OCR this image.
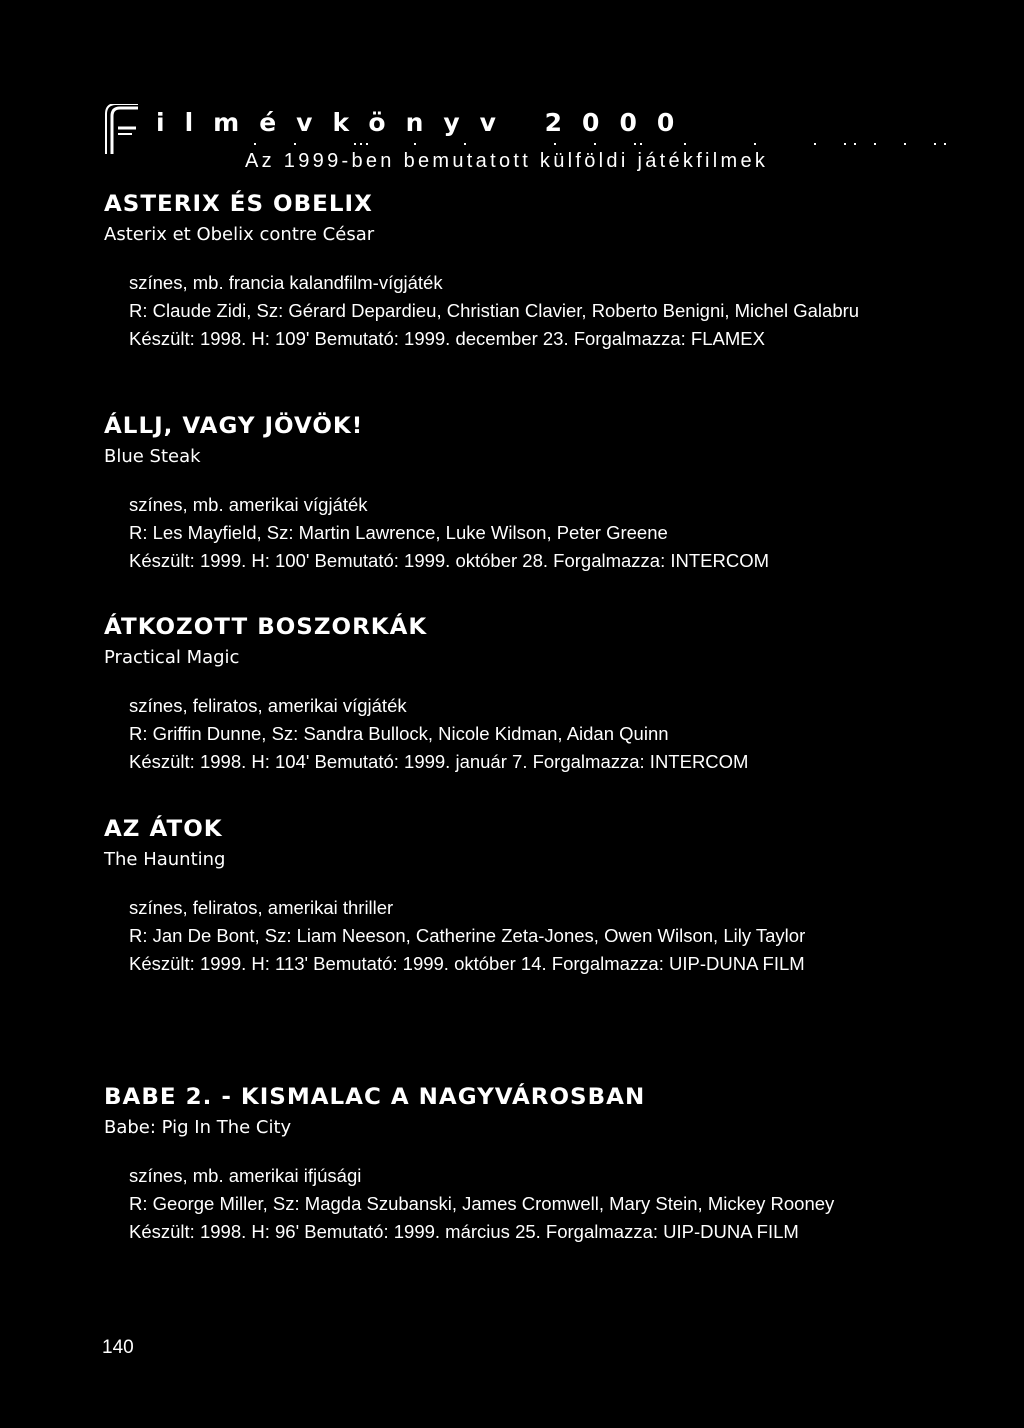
ilmévkönyv 2000
Az 1999-ben bemutatott külföldi játékfilmek
ASTERIX ÉS OBELIX
Asterix et Obelix contre César

színes, mb. francia kalandfilm-vígjáték

R: Claude Zidi, Sz: Gérard Depardieu, Christian Clavier, Roberto Benigni, Michel Galabru

Készült: 1998. H: 109' Bemutató: 1999. december 23. Forgalmazza: FLAMEX

ÁLLJ, VAGY JÖVÖK!
Blue Steak

színes, mb. amerikai vígjáték

R: Les Mayfield, Sz: Martin Lawrence, Luke Wilson, Peter Greene

Készült: 1999. H: 100' Bemutató: 1999. október 28. Forgalmazza: INTERCOM

ÁTKOZOTT BOSZORKÁK
Practical Magic

színes, feliratos, amerikai vígjáték

R: Griffin Dunne, Sz: Sandra Bullock, Nicole Kidman, Aidan Quinn

Készült: 1998. H: 104' Bemutató: 1999. január 7. Forgalmazza: INTERCOM

AZ ÁTOK
The Haunting

színes, feliratos, amerikai thriller

R: Jan De Bont, Sz: Liam Neeson, Catherine Zeta-Jones, Owen Wilson, Lily Taylor

Készült: 1999. H: 113' Bemutató: 1999. október 14. Forgalmazza: UIP-DUNA FILM

BABE 2. - KISMALAC A NAGYVÁROSBAN
Babe: Pig In The City

színes, mb. amerikai ifjúsági

R: George Miller, Sz: Magda Szubanski, James Cromwell, Mary Stein, Mickey Rooney

Készült: 1998. H: 96' Bemutató: 1999. március 25. Forgalmazza: UIP-DUNA FILM

140
